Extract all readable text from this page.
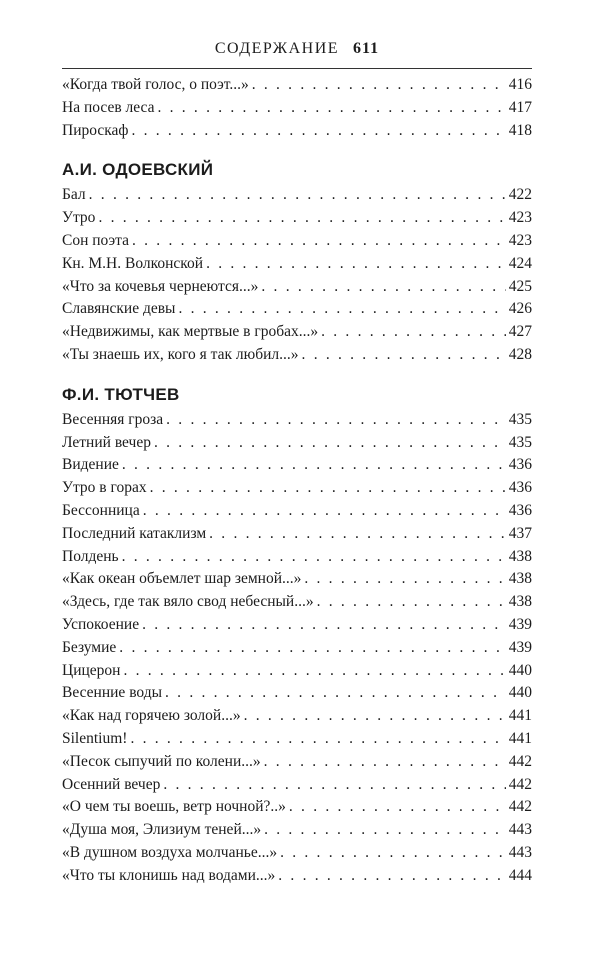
СОДЕРЖАНИЕ 611
«Когда твой голос, о поэт...» . . .	416
На посев леса . . .	417
Пироскаф . . .	418
А.И. ОДОЕВСКИЙ
Бал . . .	422
Утро . . .	423
Сон поэта . . .	423
Кн. М.Н. Волконской . . .	424
«Что за кочевья чернеются...» . . .	425
Славянские девы . . .	426
«Недвижимы, как мертвые в гробах...» . . .	427
«Ты знаешь их, кого я так любил...» . . .	428
Ф.И. ТЮТЧЕВ
Весенняя гроза . . .	435
Летний вечер . . .	435
Видение . . .	436
Утро в горах . . .	436
Бессонница . . .	436
Последний катаклизм . . .	437
Полдень . . .	438
«Как океан объемлет шар земной...» . . .	438
«Здесь, где так вяло свод небесный...» . . .	438
Успокоение . . .	439
Безумие . . .	439
Цицерон . . .	440
Весенние воды . . .	440
«Как над горячею золой...» . . .	441
Silentium! . . .	441
«Песок сыпучий по колени...» . . .	442
Осенний вечер . . .	442
«О чем ты воешь, ветр ночной?..» . . .	442
«Душа моя, Элизиум теней...» . . .	443
«В душном воздуха молчанье...» . . .	443
«Что ты клонишь над водами...» . . .	444
